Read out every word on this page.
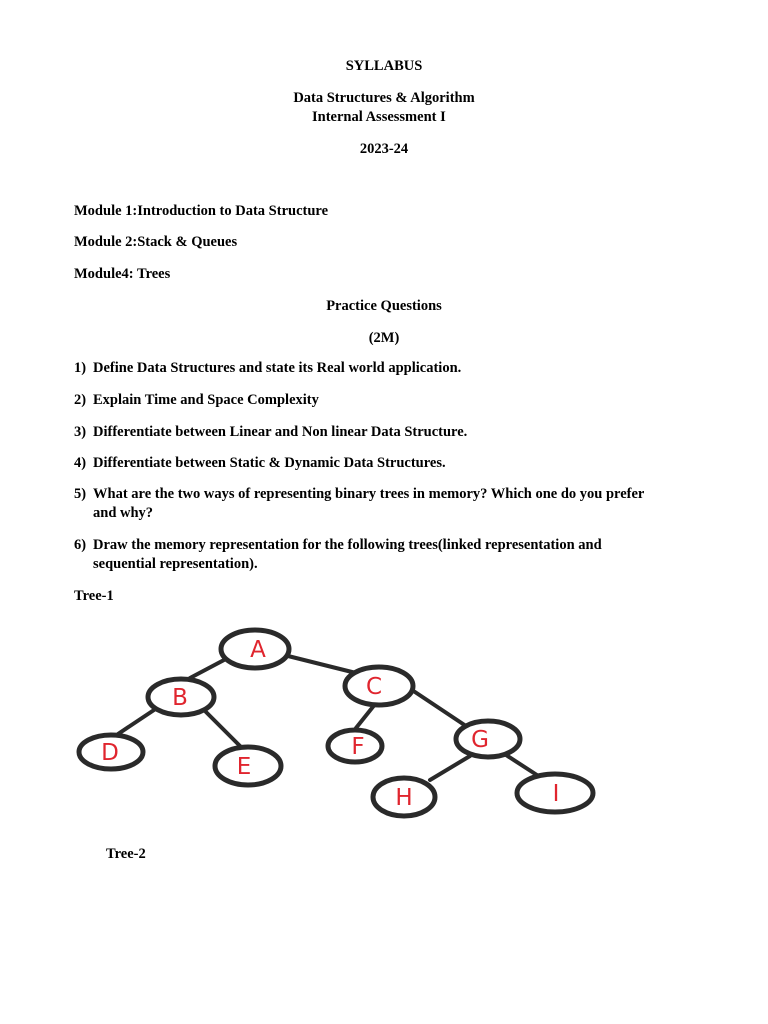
SYLLABUS
Data Structures & Algorithm
Internal Assessment I
2023-24
Module 1:Introduction to Data Structure
Module 2:Stack & Queues
Module4: Trees
Practice Questions
(2M)
1) Define Data Structures and state its Real world application.
2) Explain Time and Space Complexity
3) Differentiate between Linear and Non linear Data Structure.
4) Differentiate between Static & Dynamic Data Structures.
5) What are the two ways of representing binary trees in memory? Which one do you prefer and why?
6) Draw the memory representation for the following trees(linked representation and sequential representation).
Tree-1
A
B	C
D
E
F	G
H	I
Tree-2
